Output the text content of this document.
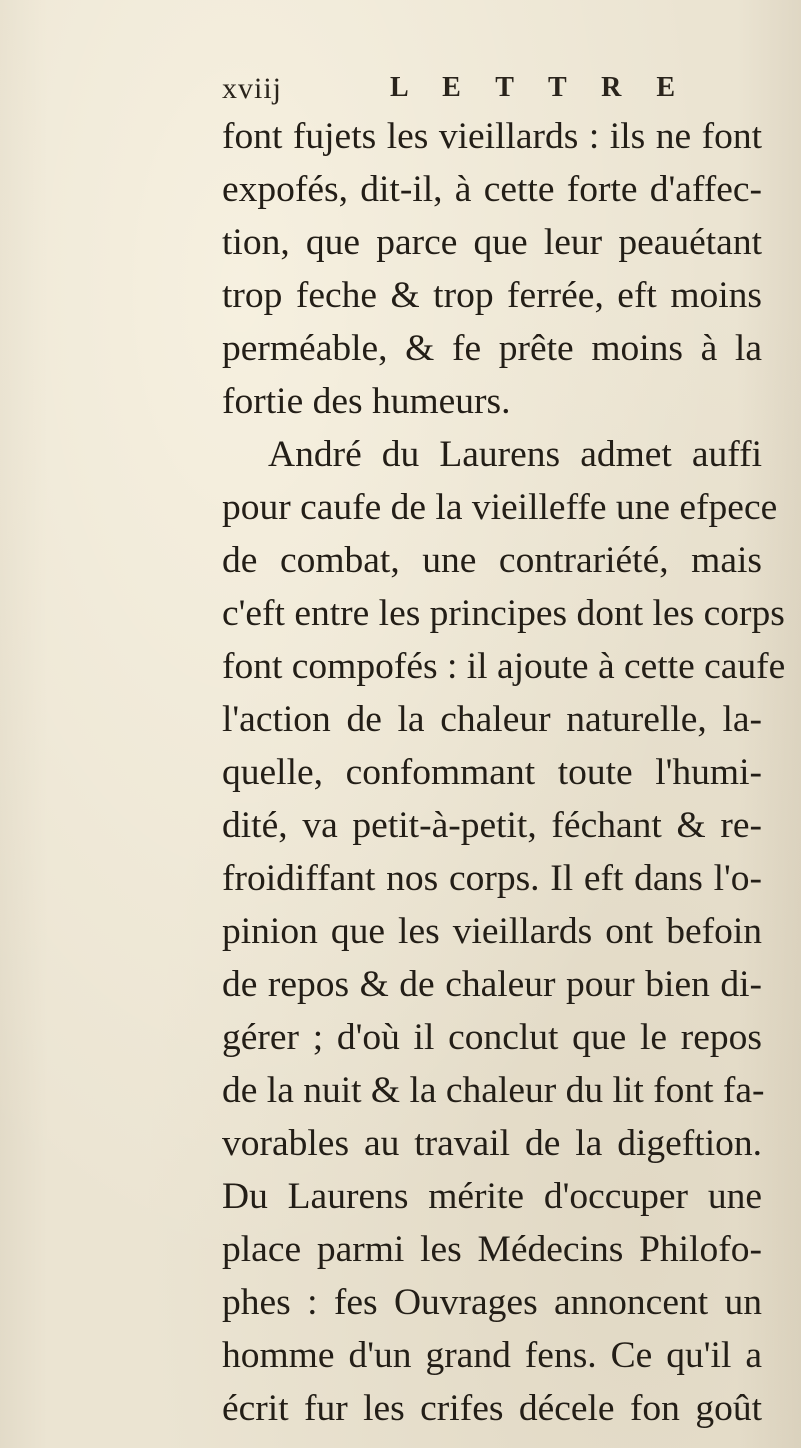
xviij	L E T T R E
font fujets les vieillards : ils ne font
expofés, dit-il, à cette forte d'affec-
tion, que parce que leur peauétant
trop feche & trop ferrée, eft moins
perméable, & fe prête moins à la
fortie des humeurs.
André du Laurens admet auffi
pour caufe de la vieilleffe une efpece
de combat, une contrariété, mais
c'eft entre les principes dont les corps
font compofés : il ajoute à cette caufe
l'action de la chaleur naturelle, la-
quelle, confommant toute l'humi-
dité, va petit-à-petit, féchant & re-
froidiffant nos corps. Il eft dans l'o-
pinion que les vieillards ont befoin
de repos & de chaleur pour bien di-
gérer ; d'où il conclut que le repos
de la nuit & la chaleur du lit font fa-
vorables au travail de la digeftion.
Du Laurens mérite d'occuper une
place parmi les Médecins Philofo-
phes : fes Ouvrages annoncent un
homme d'un grand fens. Ce qu'il a
écrit fur les crifes décele fon goût
